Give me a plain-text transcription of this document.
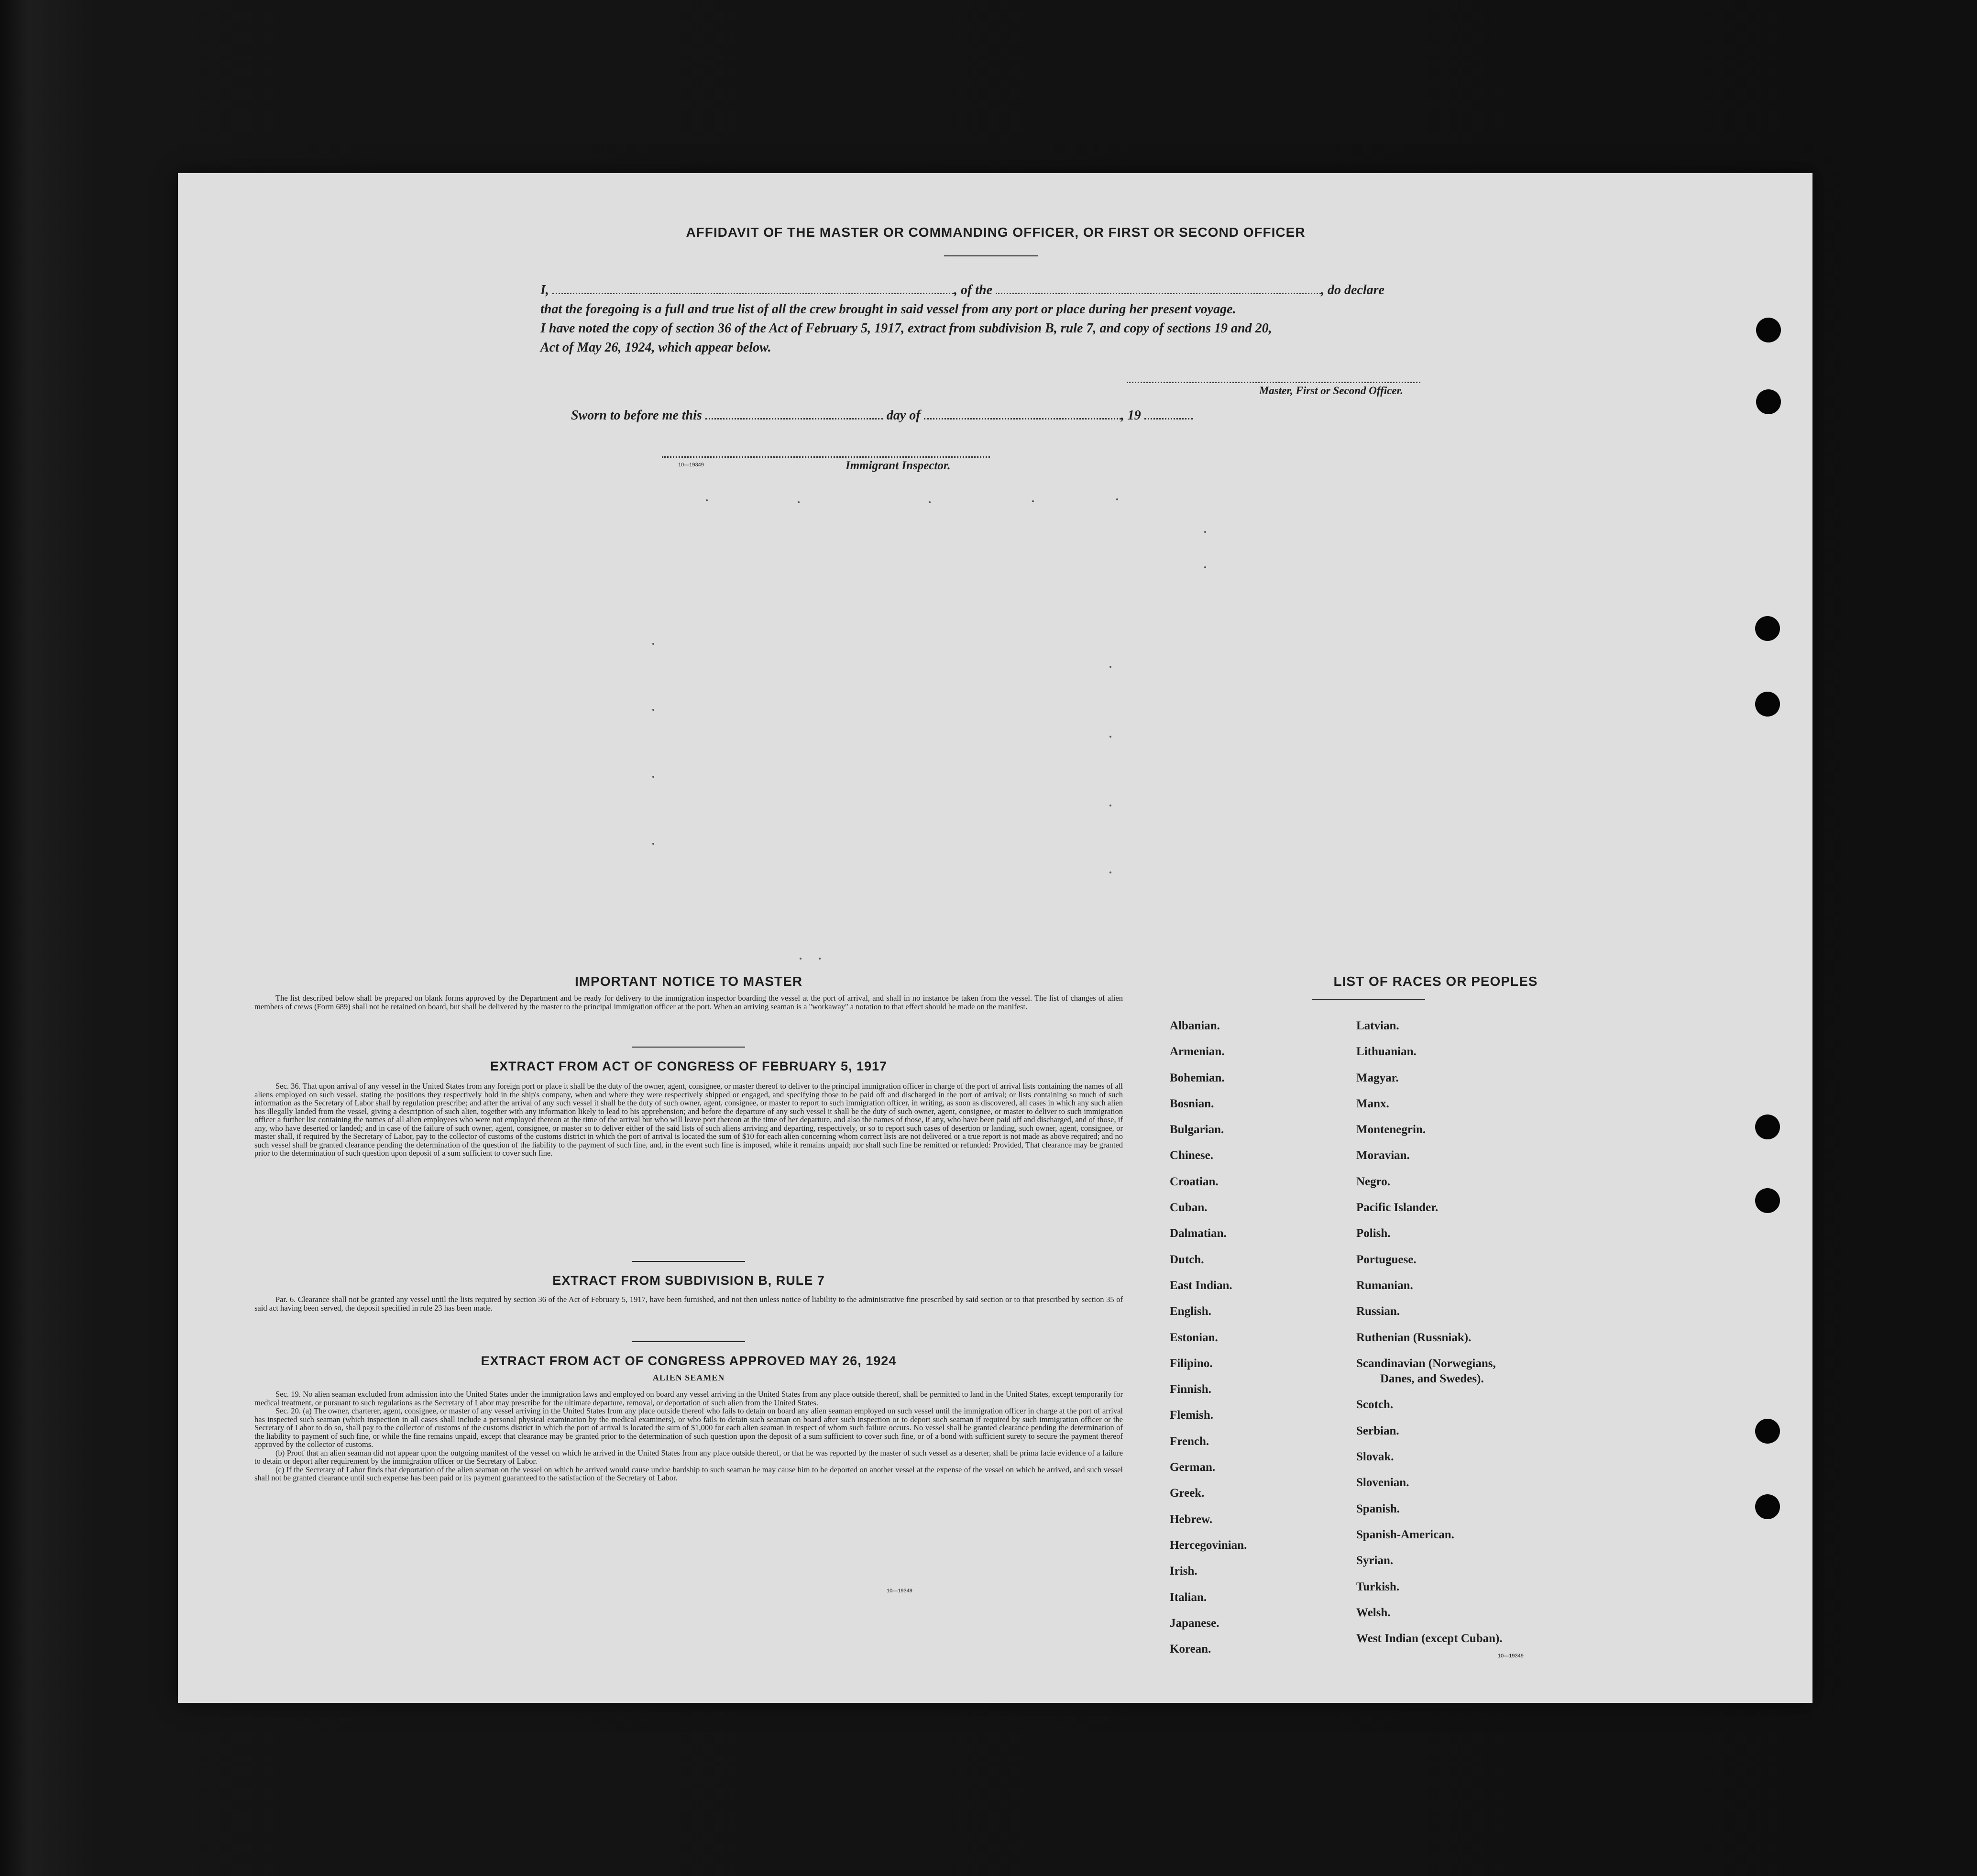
AFFIDAVIT OF THE MASTER OR COMMANDING OFFICER, OR FIRST OR SECOND OFFICER
I,	, of the	, do declare
that the foregoing is a full and true list of all the crew brought in said vessel from any port or place during her present voyage.
I have noted the copy of section 36 of the Act of February 5, 1917, extract from subdivision B, rule 7, and copy of sections 19 and 20,
Act of May 26, 1924, which appear below.
Master, First or Second Officer.
Sworn to before me this	day of	, 19
10—19349	Immigrant Inspector.
IMPORTANT NOTICE TO MASTER
The list described below shall be prepared on blank forms approved by the Department and be ready for delivery to the immigration inspector boarding the vessel at the port of arrival, and shall in no instance be taken from the vessel. The list of changes of alien members of crews (Form 689) shall not be retained on board, but shall be delivered by the master to the principal immigration officer at the port. When an arriving seaman is a "workaway" a notation to that effect should be made on the manifest.
EXTRACT FROM ACT OF CONGRESS OF FEBRUARY 5, 1917
Sec. 36. That upon arrival of any vessel in the United States from any foreign port or place it shall be the duty of the owner, agent, consignee, or master thereof to deliver to the principal immigration officer in charge of the port of arrival lists containing the names of all aliens employed on such vessel, stating the positions they respectively hold in the ship's company, when and where they were respectively shipped or engaged, and specifying those to be paid off and discharged in the port of arrival; or lists containing so much of such information as the Secretary of Labor shall by regulation prescribe; and after the arrival of any such vessel it shall be the duty of such owner, agent, consignee, or master to report to such immigration officer, in writing, as soon as discovered, all cases in which any such alien has illegally landed from the vessel, giving a description of such alien, together with any information likely to lead to his apprehension; and before the departure of any such vessel it shall be the duty of such owner, agent, consignee, or master to deliver to such immigration officer a further list containing the names of all alien employees who were not employed thereon at the time of the arrival but who will leave port thereon at the time of her departure, and also the names of those, if any, who have been paid off and discharged, and of those, if any, who have deserted or landed; and in case of the failure of such owner, agent, consignee, or master so to deliver either of the said lists of such aliens arriving and departing, respectively, or so to report such cases of desertion or landing, such owner, agent, consignee, or master shall, if required by the Secretary of Labor, pay to the collector of customs of the customs district in which the port of arrival is located the sum of $10 for each alien concerning whom correct lists are not delivered or a true report is not made as above required; and no such vessel shall be granted clearance pending the determination of the question of the liability to the payment of such fine, and, in the event such fine is imposed, while it remains unpaid; nor shall such fine be remitted or refunded: Provided, That clearance may be granted prior to the determination of such question upon deposit of a sum sufficient to cover such fine.
EXTRACT FROM SUBDIVISION B, RULE 7
Par. 6. Clearance shall not be granted any vessel until the lists required by section 36 of the Act of February 5, 1917, have been furnished, and not then unless notice of liability to the administrative fine prescribed by said section or to that prescribed by section 35 of said act having been served, the deposit specified in rule 23 has been made.
EXTRACT FROM ACT OF CONGRESS APPROVED MAY 26, 1924
ALIEN SEAMEN
Sec. 19. No alien seaman excluded from admission into the United States under the immigration laws and employed on board any vessel arriving in the United States from any place outside thereof, shall be permitted to land in the United States, except temporarily for medical treatment, or pursuant to such regulations as the Secretary of Labor may prescribe for the ultimate departure, removal, or deportation of such alien from the United States.
Sec. 20. (a) The owner, charterer, agent, consignee, or master of any vessel arriving in the United States from any place outside thereof who fails to detain on board any alien seaman employed on such vessel until the immigration officer in charge at the port of arrival has inspected such seaman (which inspection in all cases shall include a personal physical examination by the medical examiners), or who fails to detain such seaman on board after such inspection or to deport such seaman if required by such immigration officer or the Secretary of Labor to do so, shall pay to the collector of customs of the customs district in which the port of arrival is located the sum of $1,000 for each alien seaman in respect of whom such failure occurs. No vessel shall be granted clearance pending the determination of the liability to payment of such fine, or while the fine remains unpaid, except that clearance may be granted prior to the determination of such question upon the deposit of a sum sufficient to cover such fine, or of a bond with sufficient surety to secure the payment thereof approved by the collector of customs.
(b) Proof that an alien seaman did not appear upon the outgoing manifest of the vessel on which he arrived in the United States from any place outside thereof, or that he was reported by the master of such vessel as a deserter, shall be prima facie evidence of a failure to detain or deport after requirement by the immigration officer or the Secretary of Labor.
(c) If the Secretary of Labor finds that deportation of the alien seaman on the vessel on which he arrived would cause undue hardship to such seaman he may cause him to be deported on another vessel at the expense of the vessel on which he arrived, and such vessel shall not be granted clearance until such expense has been paid or its payment guaranteed to the satisfaction of the Secretary of Labor.
10—19349
LIST OF RACES OR PEOPLES
Albanian.
Armenian.
Bohemian.
Bosnian.
Bulgarian.
Chinese.
Croatian.
Cuban.
Dalmatian.
Dutch.
East Indian.
English.
Estonian.
Filipino.
Finnish.
Flemish.
French.
German.
Greek.
Hebrew.
Hercegovinian.
Irish.
Italian.
Japanese.
Korean.
Latvian.
Lithuanian.
Magyar.
Manx.
Montenegrin.
Moravian.
Negro.
Pacific Islander.
Polish.
Portuguese.
Rumanian.
Russian.
Ruthenian (Russniak).
Scandinavian (Norwegians,
Danes, and Swedes).
Scotch.
Serbian.
Slovak.
Slovenian.
Spanish.
Spanish-American.
Syrian.
Turkish.
Welsh.
West Indian (except Cuban).
10—19349
